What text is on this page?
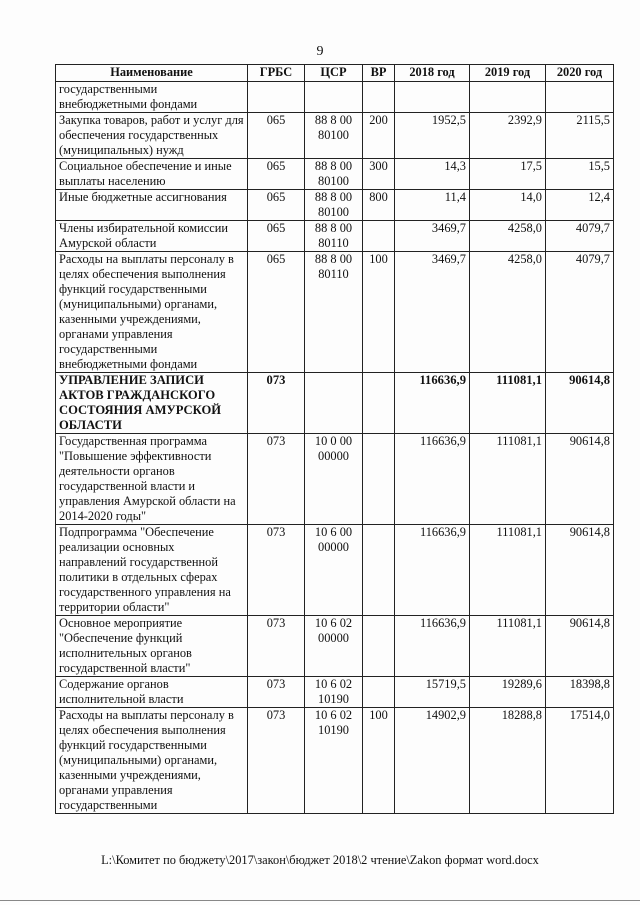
9
Наименование	ГРБС	ЦСР	ВР	2018 год	2019 год	2020 год
государственными внебюджетными фондами						
Закупка товаров, работ и услуг для обеспечения государственных (муниципальных) нужд	065	88 8 00 80100	200	1952,5	2392,9	2115,5
Социальное обеспечение и иные выплаты населению	065	88 8 00 80100	300	14,3	17,5	15,5
Иные бюджетные ассигнования	065	88 8 00 80100	800	11,4	14,0	12,4
Члены избирательной комиссии Амурской области	065	88 8 00 80110		3469,7	4258,0	4079,7
Расходы на выплаты персоналу в целях обеспечения выполнения функций государственными (муниципальными) органами, казенными учреждениями, органами управления государственными внебюджетными фондами	065	88 8 00 80110	100	3469,7	4258,0	4079,7
УПРАВЛЕНИЕ ЗАПИСИ АКТОВ ГРАЖДАНСКОГО СОСТОЯНИЯ АМУРСКОЙ ОБЛАСТИ	073			116636,9	111081,1	90614,8
Государственная программа "Повышение эффективности деятельности органов государственной власти и управления Амурской области на 2014-2020 годы"	073	10 0 00 00000		116636,9	111081,1	90614,8
Подпрограмма "Обеспечение реализации основных направлений государственной политики в отдельных сферах государственного управления на территории области"	073	10 6 00 00000		116636,9	111081,1	90614,8
Основное мероприятие "Обеспечение функций исполнительных органов государственной власти"	073	10 6 02 00000		116636,9	111081,1	90614,8
Содержание органов исполнительной власти	073	10 6 02 10190		15719,5	19289,6	18398,8
Расходы на выплаты персоналу в целях обеспечения выполнения функций государственными (муниципальными) органами, казенными учреждениями, органами управления государственными	073	10 6 02 10190	100	14902,9	18288,8	17514,0
L:\Комитет по бюджету\2017\закон\бюджет 2018\2 чтение\Zakon формат word.docx
